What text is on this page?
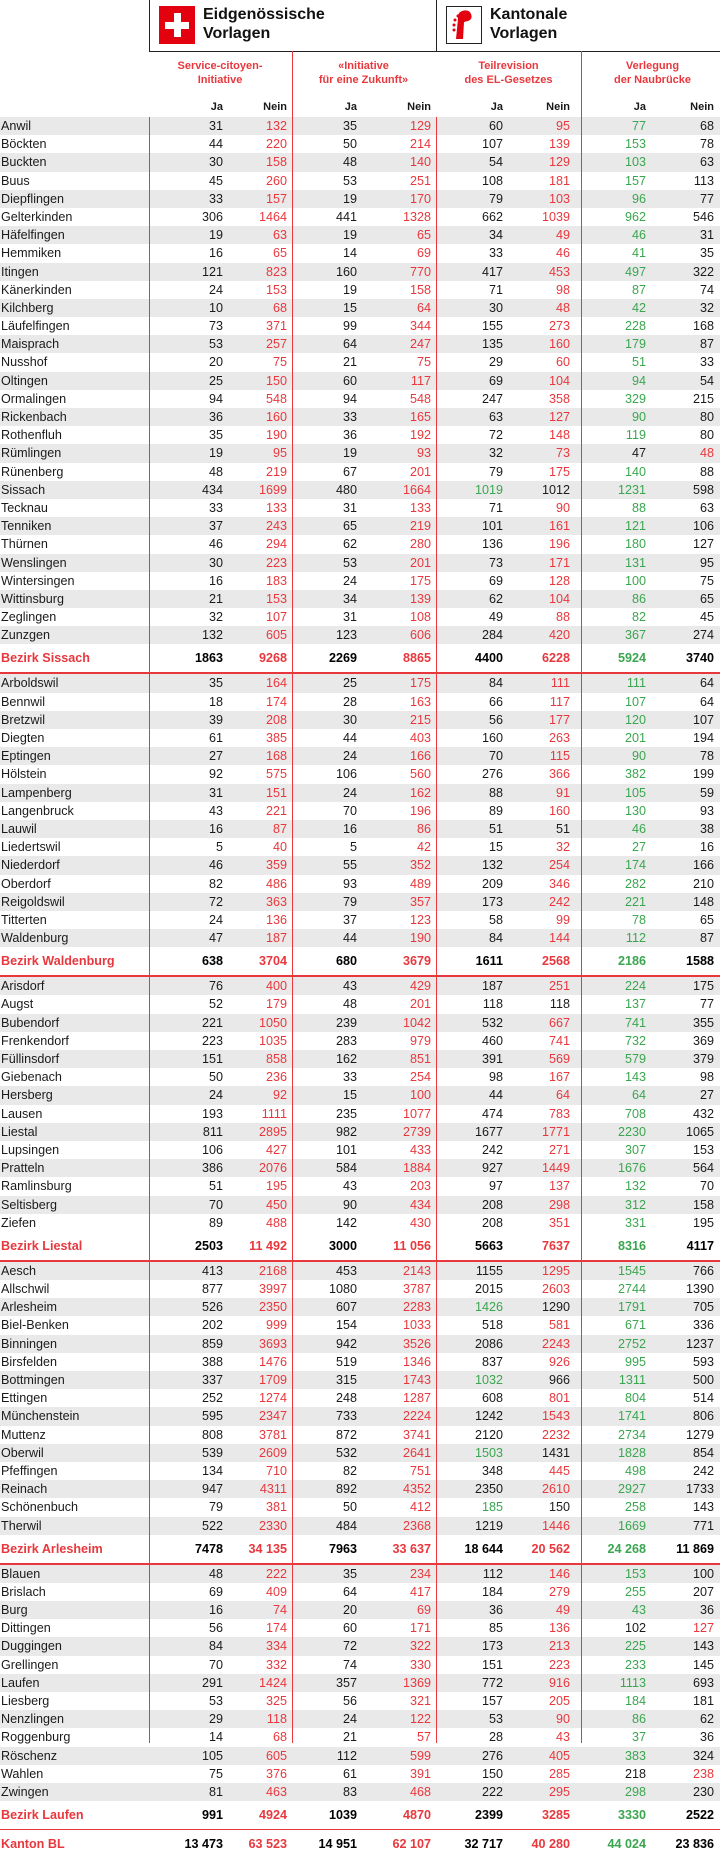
Eidgenössische
Vorlagen
Kantonale
Vorlagen
Service-citoyen-
Initiative
«Initiative
für eine Zukunft»
Teilrevision
des EL-Gesetzes
Verlegung
der Naubrücke
Ja	Nein	Ja	Nein	Ja	Nein	Ja	Nein
Anwil	31	132	35	129	60	95	77	68
Böckten	44	220	50	214	107	139	153	78
Buckten	30	158	48	140	54	129	103	63
Buus	45	260	53	251	108	181	157	113
Diepflingen	33	157	19	170	79	103	96	77
Gelterkinden	306	1464	441	1328	662	1039	962	546
Häfelfingen	19	63	19	65	34	49	46	31
Hemmiken	16	65	14	69	33	46	41	35
Itingen	121	823	160	770	417	453	497	322
Känerkinden	24	153	19	158	71	98	87	74
Kilchberg	10	68	15	64	30	48	42	32
Läufelfingen	73	371	99	344	155	273	228	168
Maisprach	53	257	64	247	135	160	179	87
Nusshof	20	75	21	75	29	60	51	33
Oltingen	25	150	60	117	69	104	94	54
Ormalingen	94	548	94	548	247	358	329	215
Rickenbach	36	160	33	165	63	127	90	80
Rothenfluh	35	190	36	192	72	148	119	80
Rümlingen	19	95	19	93	32	73	47	48
Rünenberg	48	219	67	201	79	175	140	88
Sissach	434	1699	480	1664	1019	1012	1231	598
Tecknau	33	133	31	133	71	90	88	63
Tenniken	37	243	65	219	101	161	121	106
Thürnen	46	294	62	280	136	196	180	127
Wenslingen	30	223	53	201	73	171	131	95
Wintersingen	16	183	24	175	69	128	100	75
Wittinsburg	21	153	34	139	62	104	86	65
Zeglingen	32	107	31	108	49	88	82	45
Zunzgen	132	605	123	606	284	420	367	274
Bezirk Sissach	1863	9268	2269	8865	4400	6228	5924	3740
Arboldswil	35	164	25	175	84	111	111	64
Bennwil	18	174	28	163	66	117	107	64
Bretzwil	39	208	30	215	56	177	120	107
Diegten	61	385	44	403	160	263	201	194
Eptingen	27	168	24	166	70	115	90	78
Hölstein	92	575	106	560	276	366	382	199
Lampenberg	31	151	24	162	88	91	105	59
Langenbruck	43	221	70	196	89	160	130	93
Lauwil	16	87	16	86	51	51	46	38
Liedertswil	5	40	5	42	15	32	27	16
Niederdorf	46	359	55	352	132	254	174	166
Oberdorf	82	486	93	489	209	346	282	210
Reigoldswil	72	363	79	357	173	242	221	148
Titterten	24	136	37	123	58	99	78	65
Waldenburg	47	187	44	190	84	144	112	87
Bezirk Waldenburg	638	3704	680	3679	1611	2568	2186	1588
Arisdorf	76	400	43	429	187	251	224	175
Augst	52	179	48	201	118	118	137	77
Bubendorf	221	1050	239	1042	532	667	741	355
Frenkendorf	223	1035	283	979	460	741	732	369
Füllinsdorf	151	858	162	851	391	569	579	379
Giebenach	50	236	33	254	98	167	143	98
Hersberg	24	92	15	100	44	64	64	27
Lausen	193	1111	235	1077	474	783	708	432
Liestal	811	2895	982	2739	1677	1771	2230	1065
Lupsingen	106	427	101	433	242	271	307	153
Pratteln	386	2076	584	1884	927	1449	1676	564
Ramlinsburg	51	195	43	203	97	137	132	70
Seltisberg	70	450	90	434	208	298	312	158
Ziefen	89	488	142	430	208	351	331	195
Bezirk Liestal	2503	11 492	3000	11 056	5663	7637	8316	4117
Aesch	413	2168	453	2143	1155	1295	1545	766
Allschwil	877	3997	1080	3787	2015	2603	2744	1390
Arlesheim	526	2350	607	2283	1426	1290	1791	705
Biel-Benken	202	999	154	1033	518	581	671	336
Binningen	859	3693	942	3526	2086	2243	2752	1237
Birsfelden	388	1476	519	1346	837	926	995	593
Bottmingen	337	1709	315	1743	1032	966	1311	500
Ettingen	252	1274	248	1287	608	801	804	514
Münchenstein	595	2347	733	2224	1242	1543	1741	806
Muttenz	808	3781	872	3741	2120	2232	2734	1279
Oberwil	539	2609	532	2641	1503	1431	1828	854
Pfeffingen	134	710	82	751	348	445	498	242
Reinach	947	4311	892	4352	2350	2610	2927	1733
Schönenbuch	79	381	50	412	185	150	258	143
Therwil	522	2330	484	2368	1219	1446	1669	771
Bezirk Arlesheim	7478	34 135	7963	33 637	18 644	20 562	24 268	11 869
Blauen	48	222	35	234	112	146	153	100
Brislach	69	409	64	417	184	279	255	207
Burg	16	74	20	69	36	49	43	36
Dittingen	56	174	60	171	85	136	102	127
Duggingen	84	334	72	322	173	213	225	143
Grellingen	70	332	74	330	151	223	233	145
Laufen	291	1424	357	1369	772	916	1113	693
Liesberg	53	325	56	321	157	205	184	181
Nenzlingen	29	118	24	122	53	90	86	62
Roggenburg	14	68	21	57	28	43	37	36
Röschenz	105	605	112	599	276	405	383	324
Wahlen	75	376	61	391	150	285	218	238
Zwingen	81	463	83	468	222	295	298	230
Bezirk Laufen	991	4924	1039	4870	2399	3285	3330	2522
Kanton BL	13 473	63 523	14 951	62 107	32 717	40 280	44 024	23 836
